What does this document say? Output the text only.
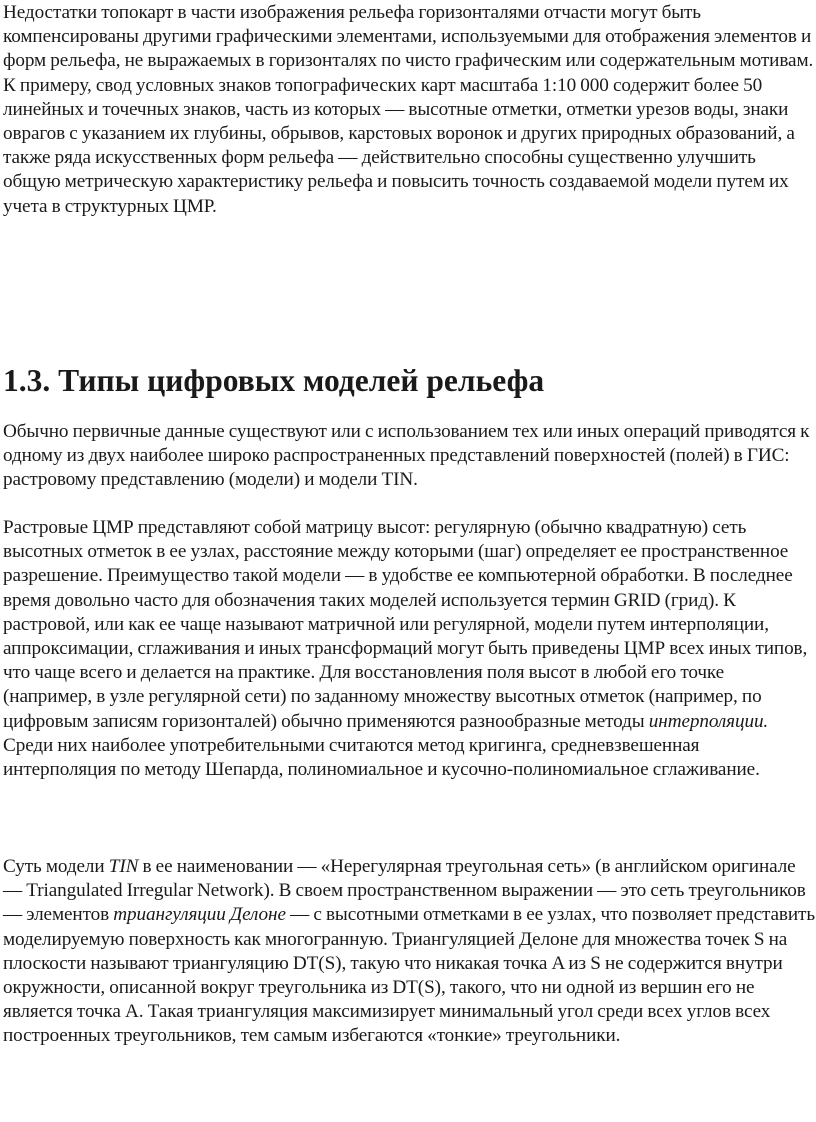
Недостатки топокарт в части изображения рельефа горизонталями отчасти могут быть компенсированы другими графическими элементами, используемыми для отображения элементов и форм рельефа, не выражаемых в горизонталях по чисто графическим или содержательным мотивам. К примеру, свод условных знаков топографических карт масштаба 1:10 000 содержит более 50 линейных и точечных знаков, часть из которых — высотные отметки, отметки урезов воды, знаки оврагов с указанием их глубины, обрывов, карстовых воронок и других природных образований, а также ряда искусственных форм рельефа — действительно способны существенно улучшить общую метрическую характеристику рельефа и повысить точность создаваемой модели путем их учета в структурных ЦМР.

1.3. Типы цифровых моделей рельефа

Обычно первичные данные существуют или с использованием тех или иных операций приводятся к одному из двух наиболее широко распространенных представлений поверхностей (полей) в ГИС: растровому представлению (модели) и модели TIN.

Растровые ЦМР представляют собой матрицу высот: регулярную (обычно квадратную) сеть высотных отметок в ее узлах, расстояние между которыми (шаг) определяет ее пространственное разрешение. Преимущество такой модели — в удобстве ее компьютерной обработки. В последнее время довольно часто для обозначения таких моделей используется термин GRID (грид). К растровой, или как ее чаще называют матричной или регулярной, модели путем интерполяции, аппроксимации, сглаживания и иных трансформаций могут быть приведены ЦМР всех иных типов, что чаще всего и делается на практике. Для восстановления поля высот в любой его точке (например, в узле регулярной сети) по заданному множеству высотных отметок (например, по цифровым записям горизонталей) обычно применяются разнообразные методы интерполяции. Среди них наиболее употребительными считаются метод кригинга, средневзвешенная интерполяция по методу Шепарда, полиномиальное и кусочно-полиномиальное сглаживание.

Суть модели TIN в ее наименовании — «Нерегулярная треугольная сеть» (в английском оригинале — Triangulated Irregular Network). В своем пространственном выражении — это сеть треугольников — элементов триангуляции Делоне — с высотными отметками в ее узлах, что позволяет представить моделируемую поверхность как многогранную. Триангуляцией Делоне для множества точек S на плоскости называют триангуляцию DT(S), такую что никакая точка A из S не содержится внутри окружности, описанной вокруг треугольника из DT(S), такого, что ни одной из вершин его не является точка A. Такая триангуляция максимизирует минимальный угол среди всех углов всех построенных треугольников, тем самым избегаются «тонкие» треугольники.
